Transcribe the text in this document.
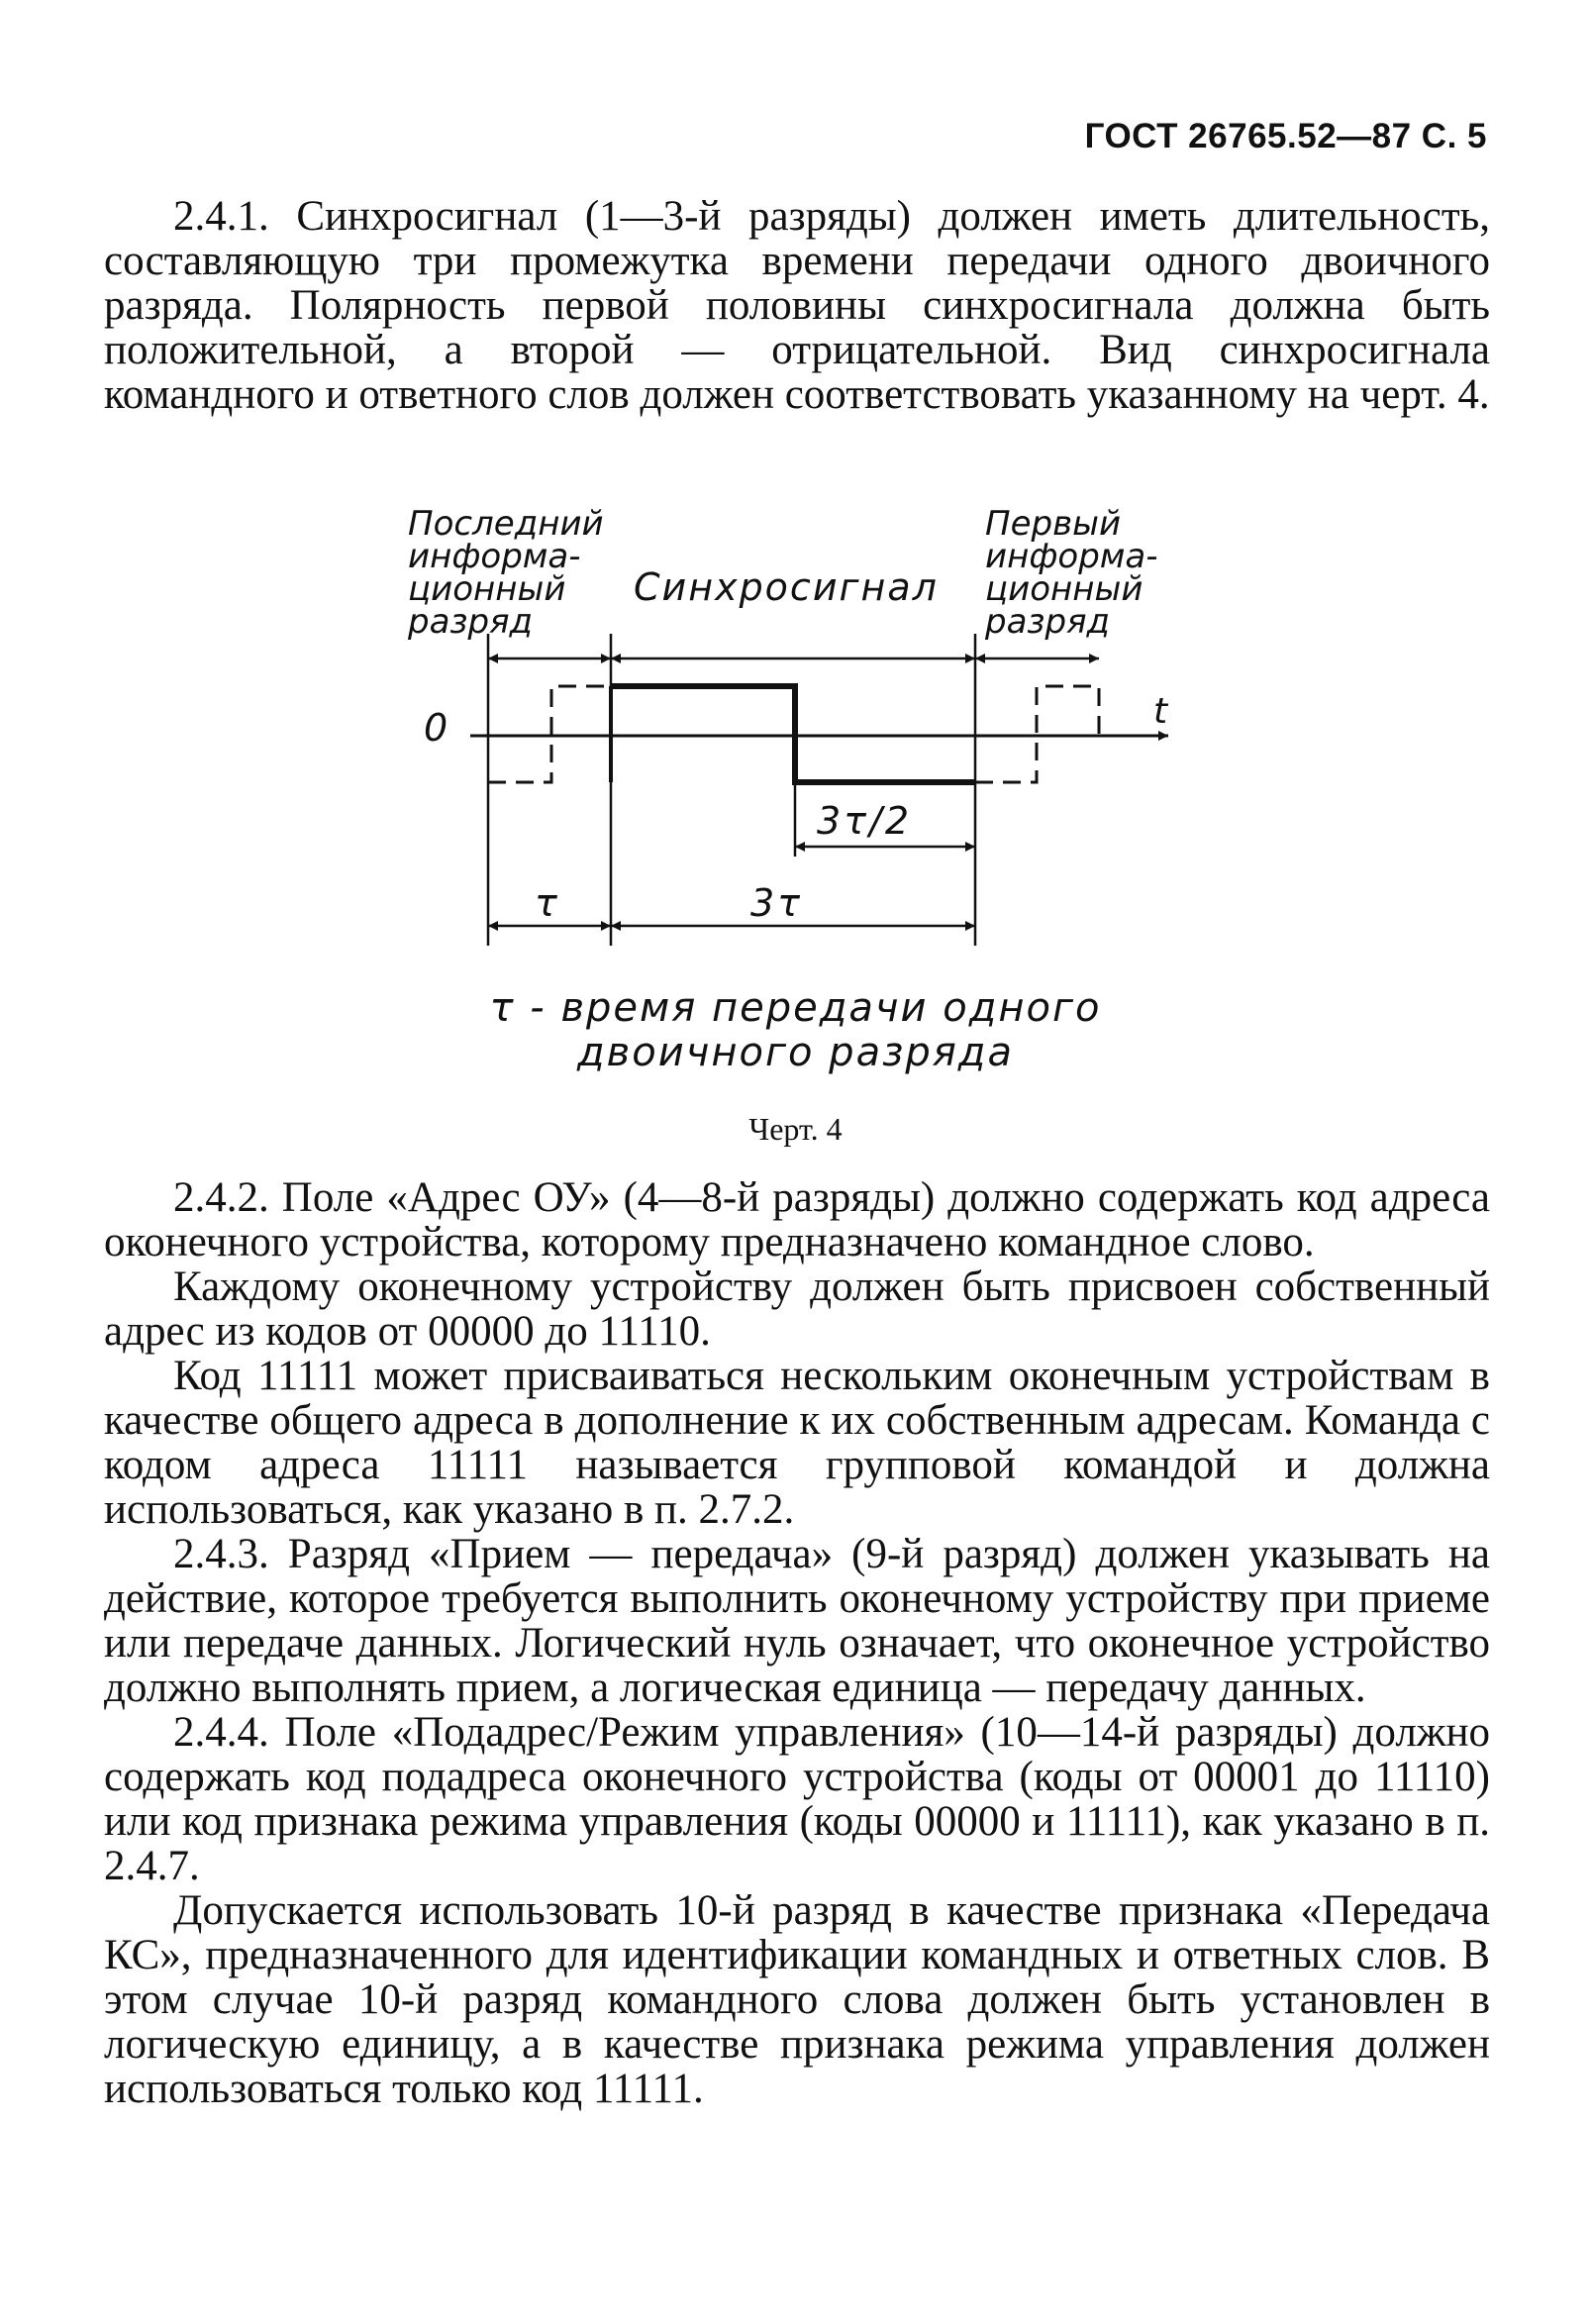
ГОСТ 26765.52—87 С. 5

2.4.1. Синхросигнал (1—3-й разряды) должен иметь длительность, составляющую три промежутка времени передачи одного двоичного разряда. Полярность первой половины синхросигнала должна быть положительной, а второй — отрицательной. Вид синхросигнала командного и ответного слов должен соответствовать указанному на черт. 4.

Последний
информа-
ционный
разряд
Синхросигнал
Первый
информа-
ционный
разряд
0	t
3τ/2
τ	3τ
τ - время передачи одного
двоичного разряда
Черт. 4

2.4.2. Поле «Адрес ОУ» (4—8-й разряды) должно содержать код адреса оконечного устройства, которому предназначено командное слово.

Каждому оконечному устройству должен быть присвоен собственный адрес из кодов от 00000 до 11110.

Код 11111 может присваиваться нескольким оконечным устройствам в качестве общего адреса в дополнение к их собственным адресам. Команда с кодом адреса 11111 называется групповой командой и должна использоваться, как указано в п. 2.7.2.

2.4.3. Разряд «Прием — передача» (9-й разряд) должен указывать на действие, которое требуется выполнить оконечному устройству при приеме или передаче данных. Логический нуль означает, что оконечное устройство должно выполнять прием, а логическая единица — передачу данных.

2.4.4. Поле «Подадрес/Режим управления» (10—14-й разряды) должно содержать код подадреса оконечного устройства (коды от 00001 до 11110) или код признака режима управления (коды 00000 и 11111), как указано в п. 2.4.7.

Допускается использовать 10-й разряд в качестве признака «Передача КС», предназначенного для идентификации командных и ответных слов. В этом случае 10-й разряд командного слова должен быть установлен в логическую единицу, а в качестве признака режима управления должен использоваться только код 11111.
